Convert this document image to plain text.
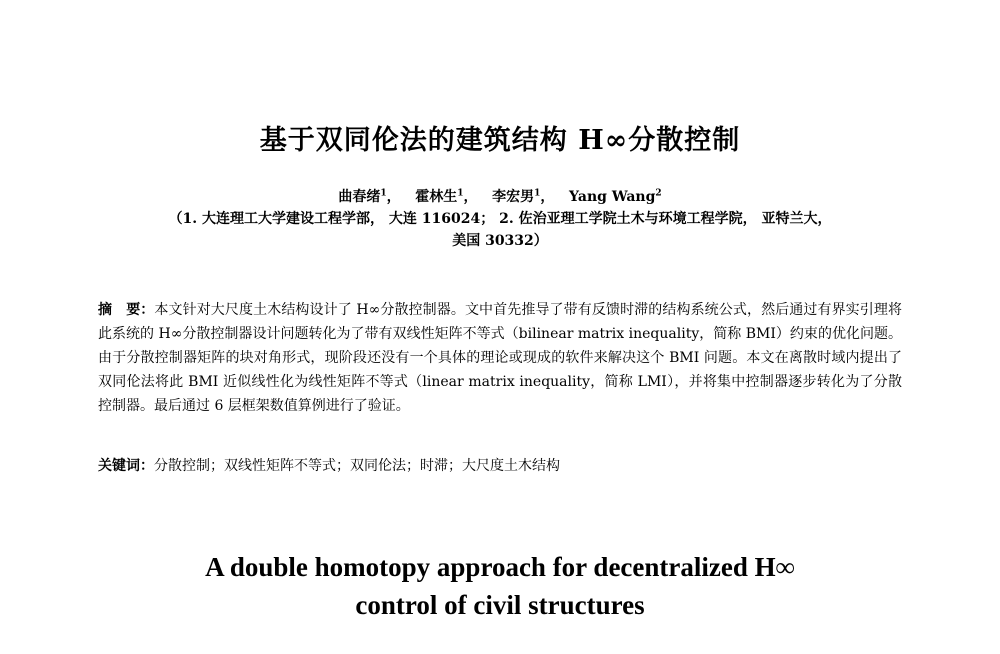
基于双同伦法的建筑结构 H∞分散控制
曲春绪$^1$， 霍林生$^1$， 李宏男$^1$， Yang Wang$^2$
（1. 大连理工大学建设工程学部， 大连 116024； 2. 佐治亚理工学院土木与环境工程学院， 亚特兰大，
美国 30332）
摘　要：本文针对大尺度土木结构设计了 H∞分散控制器。文中首先推导了带有反馈时滞的结构系统公式，然后通过有界实引理将此系统的 H∞分散控制器设计问题转化为了带有双线性矩阵不等式（bilinear matrix inequality，简称 BMI）约束的优化问题。由于分散控制器矩阵的块对角形式，现阶段还没有一个具体的理论或现成的软件来解决这个 BMI 问题。本文在离散时域内提出了双同伦法将此 BMI 近似线性化为线性矩阵不等式（linear matrix inequality，简称 LMI），并将集中控制器逐步转化为了分散控制器。最后通过 6 层框架数值算例进行了验证。
关键词：分散控制；双线性矩阵不等式；双同伦法；时滞；大尺度土木结构
A double homotopy approach for decentralized H∞
control of civil structures
